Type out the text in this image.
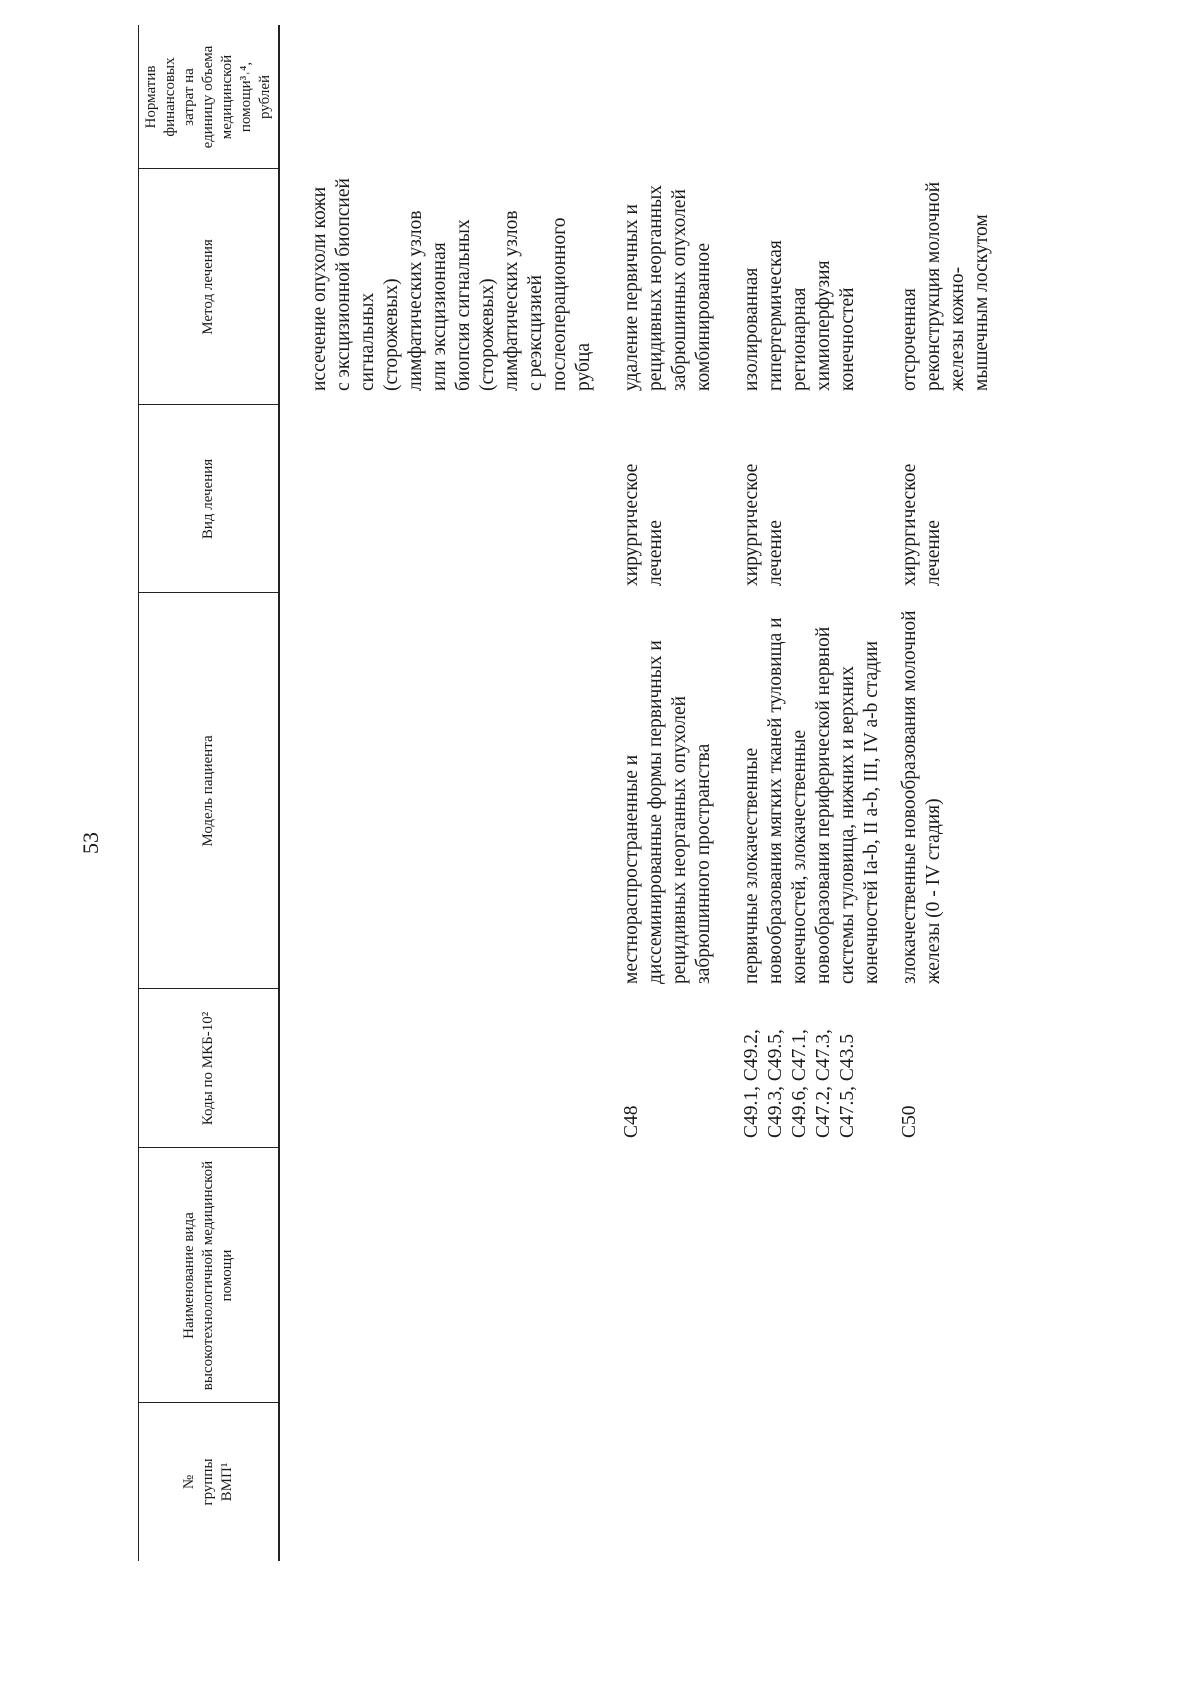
53
№
группы
ВМП¹
Наименование вида
высокотехнологичной медицинской
помощи
Коды по МКБ-10²
Модель пациента
Вид лечения
Метод лечения
Норматив
финансовых
затрат на
единицу объема
медицинской
помощи³˒⁴,
рублей
иссечение опухоли кожи
с эксцизионной биопсией
сигнальных
(сторожевых)
лимфатических узлов
или эксцизионная
биопсия сигнальных
(сторожевых)
лимфатических узлов
с реэксцизией
послеоперационного
рубца
C48
местнораспространенные и
диссеминированные формы первичных и
рецидивных неорганных опухолей
забрюшинного пространства
хирургическое
лечение
удаление первичных и
рецидивных неорганных
забрюшинных опухолей
комбинированное
C49.1, C49.2,
C49.3, C49.5,
C49.6, C47.1,
C47.2, C47.3,
C47.5, C43.5
первичные злокачественные
новообразования мягких тканей туловища и
конечностей, злокачественные
новообразования периферической нервной
системы туловища, нижних и верхних
конечностей Ia-b, II a-b, III, IV a-b стадии
хирургическое
лечение
изолированная
гипертермическая
регионарная
химиоперфузия
конечностей
C50
злокачественные новообразования молочной
железы (0 - IV стадия)
хирургическое
лечение
отсроченная
реконструкция молочной
железы кожно-
мышечным лоскутом
